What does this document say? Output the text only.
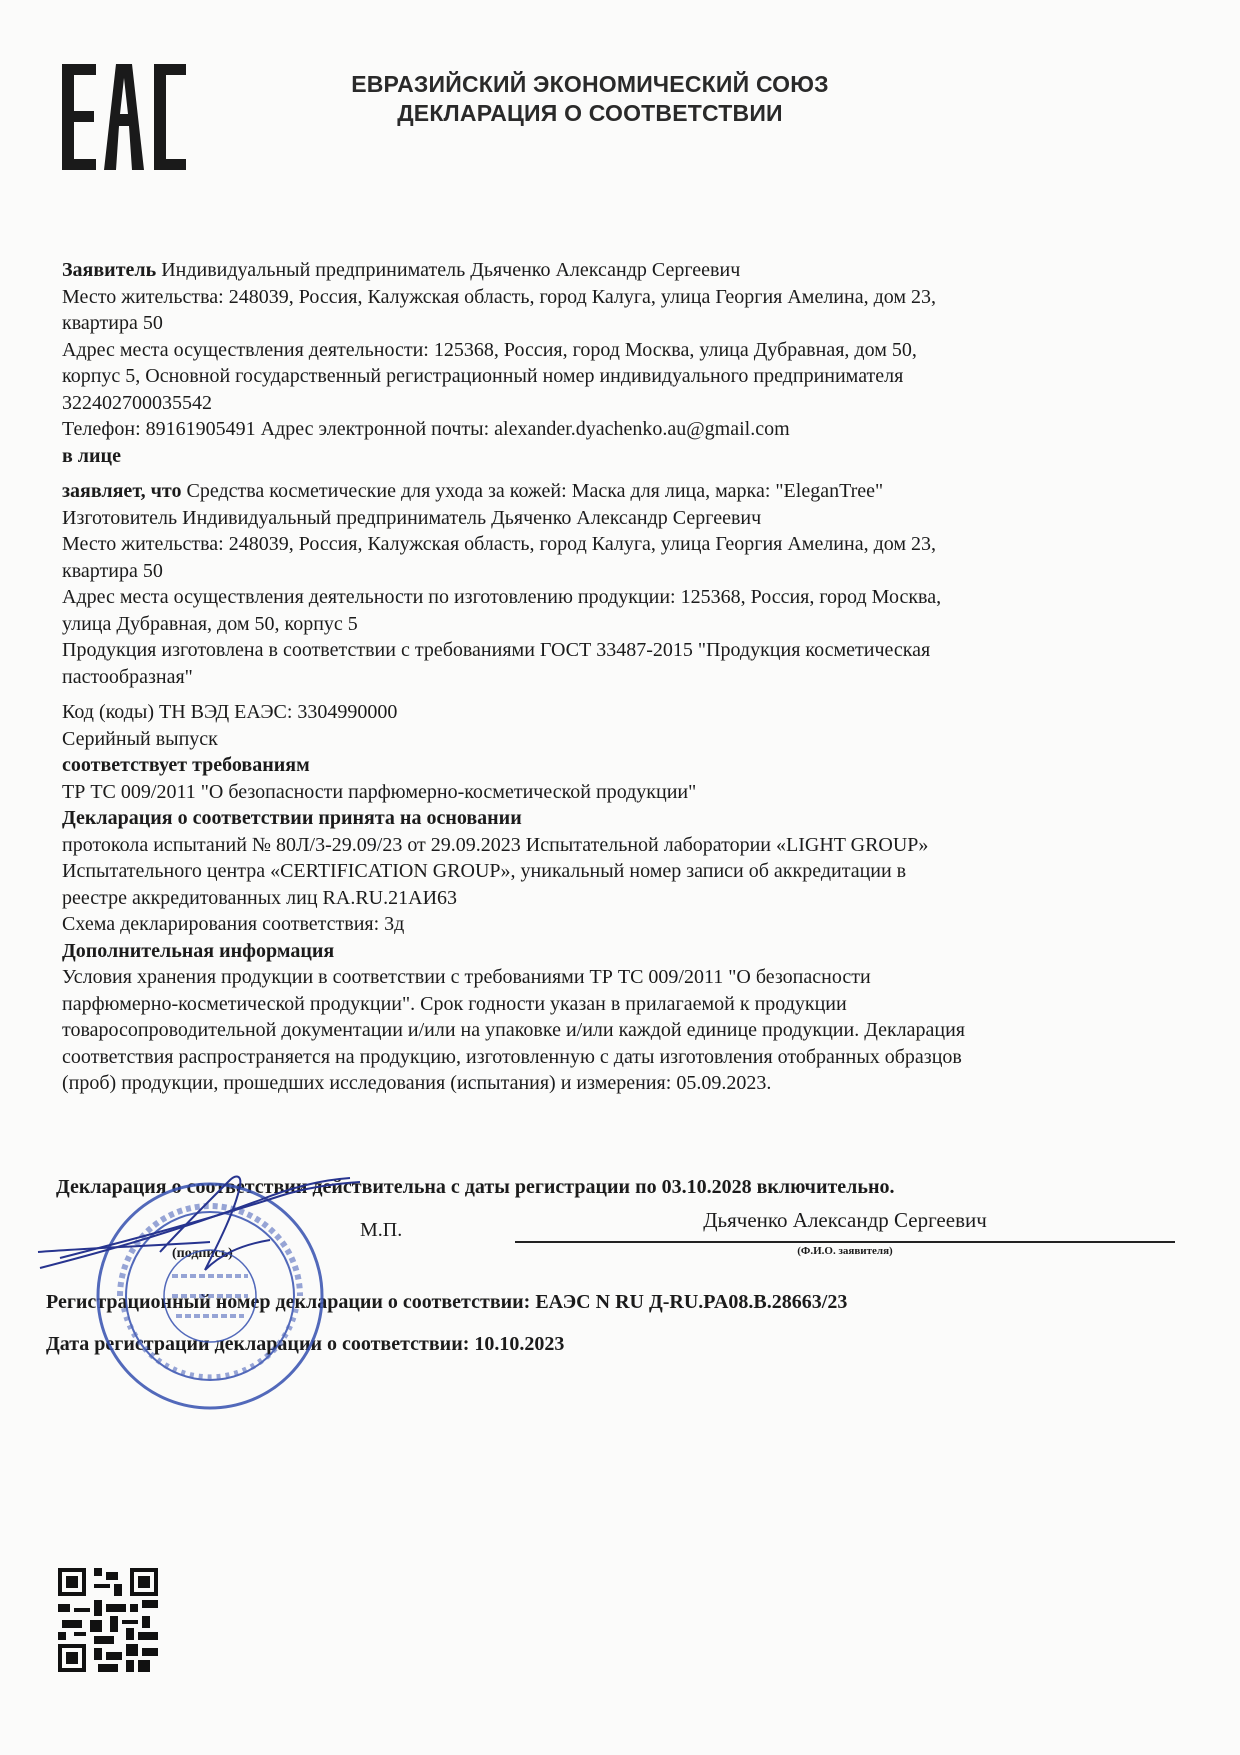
ЕВРАЗИЙСКИЙ ЭКОНОМИЧЕСКИЙ СОЮЗ
ДЕКЛАРАЦИЯ О СООТВЕТСТВИИ

Заявитель Индивидуальный предприниматель Дьяченко Александр Сергеевич

Место жительства: 248039, Россия, Калужская область, город Калуга, улица Георгия Амелина, дом 23,

квартира 50

Адрес места осуществления деятельности: 125368, Россия, город Москва, улица Дубравная, дом 50,

корпус 5, Основной государственный регистрационный номер индивидуального предпринимателя

322402700035542

Телефон: 89161905491 Адрес электронной почты: alexander.dyachenko.au@gmail.com

в лице

заявляет, что Средства косметические для ухода за кожей: Маска для лица, марка: "EleganTree"

Изготовитель Индивидуальный предприниматель Дьяченко Александр Сергеевич

Место жительства: 248039, Россия, Калужская область, город Калуга, улица Георгия Амелина, дом 23,

квартира 50

Адрес места осуществления деятельности по изготовлению продукции: 125368, Россия, город Москва,

улица Дубравная, дом 50, корпус 5

Продукция изготовлена в соответствии с требованиями ГОСТ 33487-2015 "Продукция косметическая

пастообразная"

Код (коды) ТН ВЭД ЕАЭС: 3304990000

Серийный выпуск

соответствует требованиям

ТР ТС 009/2011 "О безопасности парфюмерно-косметической продукции"

Декларация о соответствии принята на основании

протокола испытаний № 80Л/3-29.09/23 от 29.09.2023 Испытательной лаборатории «LIGHT GROUP»

Испытательного центра «CERTIFICATION GROUP», уникальный номер записи об аккредитации в

реестре аккредитованных лиц RA.RU.21АИ63

Схема декларирования соответствия: 3д

Дополнительная информация

Условия хранения продукции в соответствии с требованиями ТР ТС 009/2011 "О безопасности

парфюмерно-косметической продукции". Срок годности указан в прилагаемой к продукции

товаросопроводительной документации и/или на упаковке и/или каждой единице продукции. Декларация

соответствия распространяется на продукцию, изготовленную с даты изготовления отобранных образцов

(проб) продукции, прошедших исследования (испытания) и измерения: 05.09.2023.

Декларация о соответствии действительна с даты регистрации по 03.10.2028 включительно.
М.П.	Дьяченко Александр Сергеевич
(Ф.И.О. заявителя)
(подпись)
Регистрационный номер декларации о соответствии: ЕАЭС N RU Д-RU.PA08.B.28663/23
Дата регистрации декларации о соответствии: 10.10.2023
